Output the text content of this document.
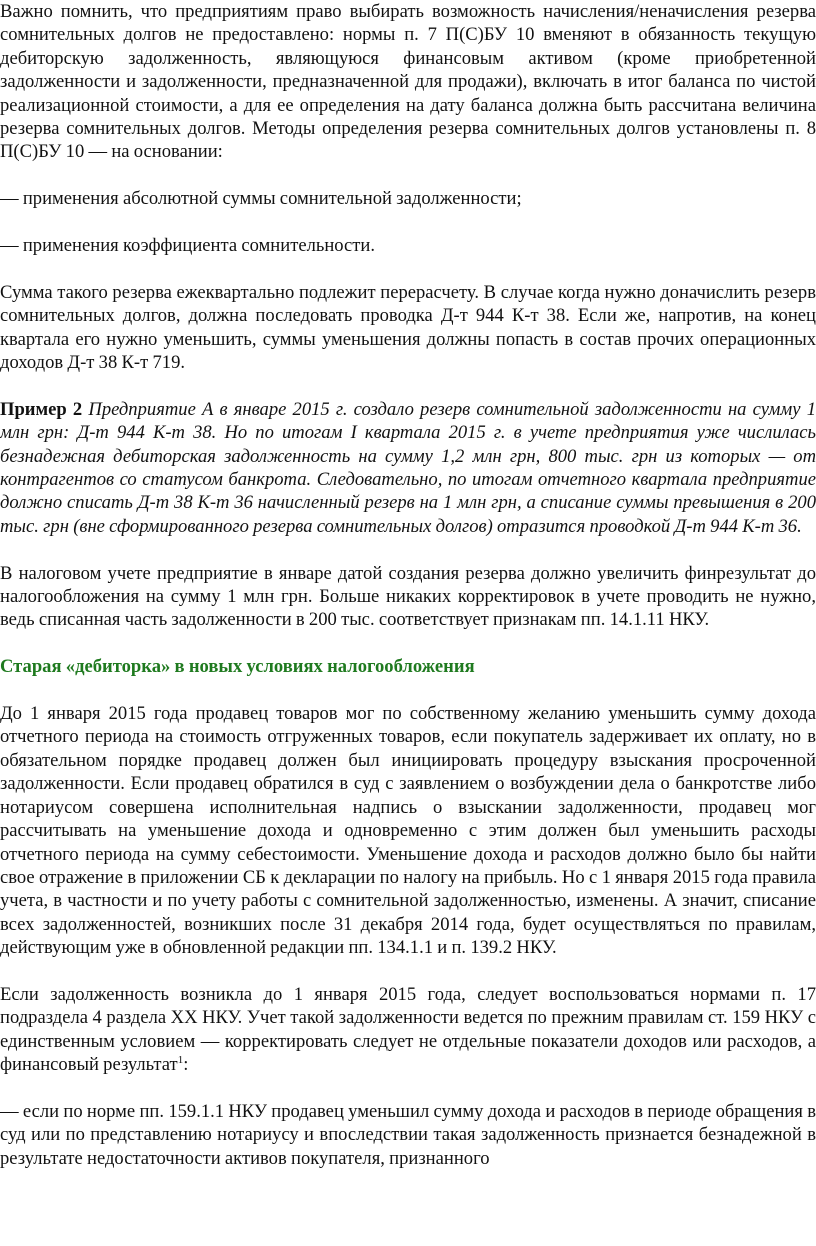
Важно помнить, что предприятиям право выбирать возможность начисления/неначисления резерва сомнительных долгов не предоставлено: нормы п. 7 П(С)БУ 10 вменяют в обязанность текущую дебиторскую задолженность, являющуюся финансовым активом (кроме приобретенной задолженности и задолженности, предназначенной для продажи), включать в итог баланса по чистой реализационной стоимости, а для ее определения на дату баланса должна быть рассчитана величина резерва сомнительных долгов. Методы определения резерва сомнительных долгов установлены п. 8 П(С)БУ 10 — на основании:

— применения абсолютной суммы сомнительной задолженности;

— применения коэффициента сомнительности.

Сумма такого резерва ежеквартально подлежит перерасчету. В случае когда нужно доначислить резерв сомнительных долгов, должна последовать проводка Д-т 944 К-т 38. Если же, напротив, на конец квартала его нужно уменьшить, суммы уменьшения должны попасть в состав прочих операционных доходов Д-т 38 К-т 719.

Пример 2 Предприятие А в январе 2015 г. создало резерв сомнительной задолженности на сумму 1 млн грн: Д-т 944 К-т 38. Но по итогам I квартала 2015 г. в учете предприятия уже числилась безнадежная дебиторская задолженность на сумму 1,2 млн грн, 800 тыс. грн из которых — от контрагентов со статусом банкрота. Следовательно, по итогам отчетного квартала предприятие должно списать Д-т 38 К-т 36 начисленный резерв на 1 млн грн, а списание суммы превышения в 200 тыс. грн (вне сформированного резерва сомнительных долгов) отразится проводкой Д-т 944 К-т 36.

В налоговом учете предприятие в январе датой создания резерва должно увеличить финрезультат до налогообложения на сумму 1 млн грн. Больше никаких корректировок в учете проводить не нужно, ведь списанная часть задолженности в 200 тыс. соответствует признакам пп. 14.1.11 НКУ.

Старая «дебиторка» в новых условиях налогообложения

До 1 января 2015 года продавец товаров мог по собственному желанию уменьшить сумму дохода отчетного периода на стоимость отгруженных товаров, если покупатель задерживает их оплату, но в обязательном порядке продавец должен был инициировать процедуру взыскания просроченной задолженности. Если продавец обратился в суд с заявлением о возбуждении дела о банкротстве либо нотариусом совершена исполнительная надпись о взыскании задолженности, продавец мог рассчитывать на уменьшение дохода и одновременно с этим должен был уменьшить расходы отчетного периода на сумму себестоимости. Уменьшение дохода и расходов должно было бы найти свое отражение в приложении СБ к декларации по налогу на прибыль. Но с 1 января 2015 года правила учета, в частности и по учету работы с сомнительной задолженностью, изменены. А значит, списание всех задолженностей, возникших после 31 декабря 2014 года, будет осуществляться по правилам, действующим уже в обновленной редакции пп. 134.1.1 и п. 139.2 НКУ.

Если задолженность возникла до 1 января 2015 года, следует воспользоваться нормами п. 17 подраздела 4 раздела XX НКУ. Учет такой задолженности ведется по прежним правилам ст. 159 НКУ с единственным условием — корректировать следует не отдельные показатели доходов или расходов, а финансовый результат$^1$:

— если по норме пп. 159.1.1 НКУ продавец уменьшил сумму дохода и расходов в периоде обращения в суд или по представлению нотариусу и впоследствии такая задолженность признается безнадежной в результате недостаточности активов покупателя, признанного
